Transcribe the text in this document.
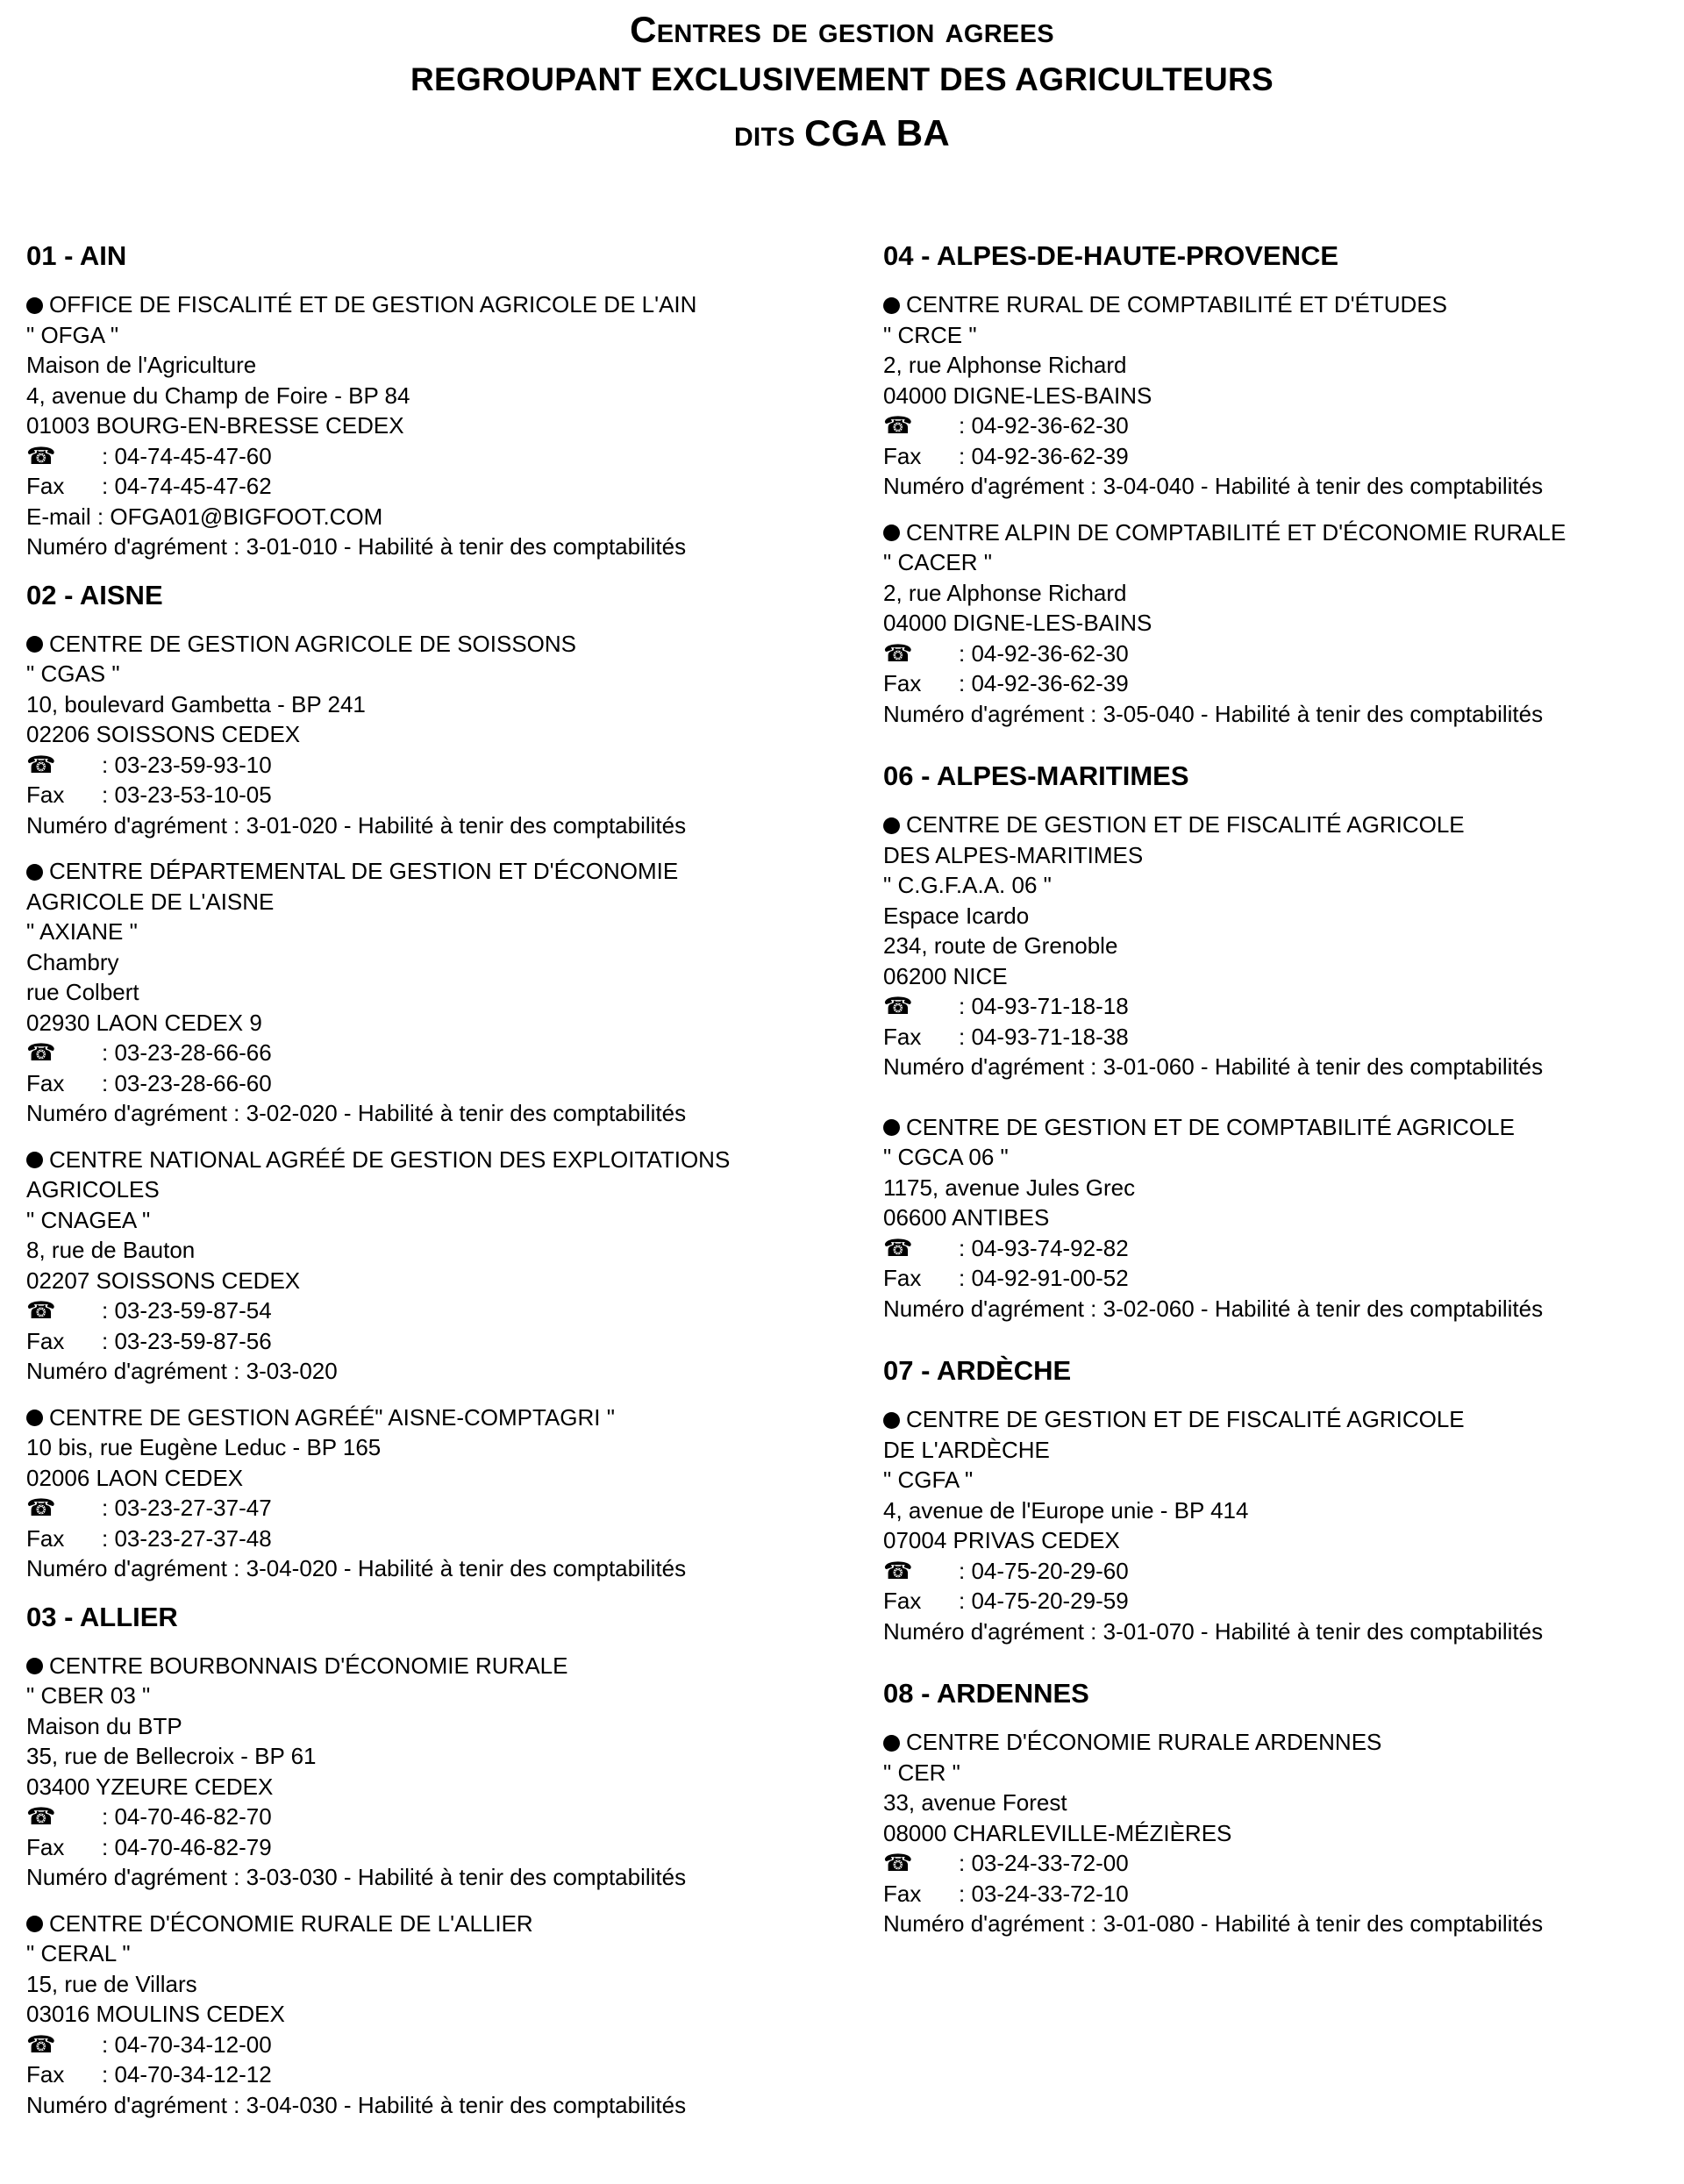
Centres de gestion agrees
REGROUPANT EXCLUSIVEMENT DES AGRICULTEURS
DITS CGA BA
01 - AIN
OFFICE DE FISCALITÉ ET DE GESTION AGRICOLE DE L'AIN
" OFGA "
Maison de l'Agriculture
4, avenue du Champ de Foire - BP 84
01003 BOURG-EN-BRESSE CEDEX
☎ : 04-74-45-47-60
Fax : 04-74-45-47-62
E-mail : OFGA01@BIGFOOT.COM
Numéro d'agrément : 3-01-010 - Habilité à tenir des comptabilités
02 - AISNE
CENTRE DE GESTION AGRICOLE DE SOISSONS
" CGAS "
10, boulevard Gambetta - BP 241
02206 SOISSONS CEDEX
☎ : 03-23-59-93-10
Fax : 03-23-53-10-05
Numéro d'agrément : 3-01-020 - Habilité à tenir des comptabilités
CENTRE DÉPARTEMENTAL DE GESTION ET D'ÉCONOMIE
AGRICOLE DE L'AISNE
" AXIANE "
Chambry
rue Colbert
02930 LAON CEDEX 9
☎ : 03-23-28-66-66
Fax : 03-23-28-66-60
Numéro d'agrément : 3-02-020 - Habilité à tenir des comptabilités
CENTRE NATIONAL AGRÉÉ DE GESTION DES EXPLOITATIONS
AGRICOLES
" CNAGEA "
8, rue de Bauton
02207 SOISSONS CEDEX
☎ : 03-23-59-87-54
Fax : 03-23-59-87-56
Numéro d'agrément : 3-03-020
CENTRE DE GESTION AGRÉÉ" AISNE-COMPTAGRI "
10 bis, rue Eugène Leduc - BP 165
02006 LAON CEDEX
☎ : 03-23-27-37-47
Fax : 03-23-27-37-48
Numéro d'agrément : 3-04-020 - Habilité à tenir des comptabilités
03 - ALLIER
CENTRE BOURBONNAIS D'ÉCONOMIE RURALE
" CBER 03 "
Maison du BTP
35, rue de Bellecroix - BP 61
03400 YZEURE CEDEX
☎ : 04-70-46-82-70
Fax : 04-70-46-82-79
Numéro d'agrément : 3-03-030 - Habilité à tenir des comptabilités
CENTRE D'ÉCONOMIE RURALE DE L'ALLIER
" CERAL "
15, rue de Villars
03016 MOULINS CEDEX
☎ : 04-70-34-12-00
Fax : 04-70-34-12-12
Numéro d'agrément : 3-04-030 - Habilité à tenir des comptabilités
04 - ALPES-DE-HAUTE-PROVENCE
CENTRE RURAL DE COMPTABILITÉ ET D'ÉTUDES
" CRCE "
2, rue Alphonse Richard
04000 DIGNE-LES-BAINS
☎ : 04-92-36-62-30
Fax : 04-92-36-62-39
Numéro d'agrément : 3-04-040 - Habilité à tenir des comptabilités
CENTRE ALPIN DE COMPTABILITÉ ET D'ÉCONOMIE RURALE
" CACER "
2, rue Alphonse Richard
04000 DIGNE-LES-BAINS
☎ : 04-92-36-62-30
Fax : 04-92-36-62-39
Numéro d'agrément : 3-05-040 - Habilité à tenir des comptabilités
06 - ALPES-MARITIMES
CENTRE DE GESTION ET DE FISCALITÉ AGRICOLE
DES ALPES-MARITIMES
" C.G.F.A.A. 06 "
Espace Icardo
234, route de Grenoble
06200 NICE
☎ : 04-93-71-18-18
Fax : 04-93-71-18-38
Numéro d'agrément : 3-01-060 - Habilité à tenir des comptabilités
CENTRE DE GESTION ET DE COMPTABILITÉ AGRICOLE
" CGCA 06 "
1175, avenue Jules Grec
06600 ANTIBES
☎ : 04-93-74-92-82
Fax : 04-92-91-00-52
Numéro d'agrément : 3-02-060 - Habilité à tenir des comptabilités
07 - ARDÈCHE
CENTRE DE GESTION ET DE FISCALITÉ AGRICOLE
DE L'ARDÈCHE
" CGFA "
4, avenue de l'Europe unie - BP 414
07004 PRIVAS CEDEX
☎ : 04-75-20-29-60
Fax : 04-75-20-29-59
Numéro d'agrément : 3-01-070 - Habilité à tenir des comptabilités
08 - ARDENNES
CENTRE D'ÉCONOMIE RURALE ARDENNES
" CER "
33, avenue Forest
08000 CHARLEVILLE-MÉZIÈRES
☎ : 03-24-33-72-00
Fax : 03-24-33-72-10
Numéro d'agrément : 3-01-080 - Habilité à tenir des comptabilités
